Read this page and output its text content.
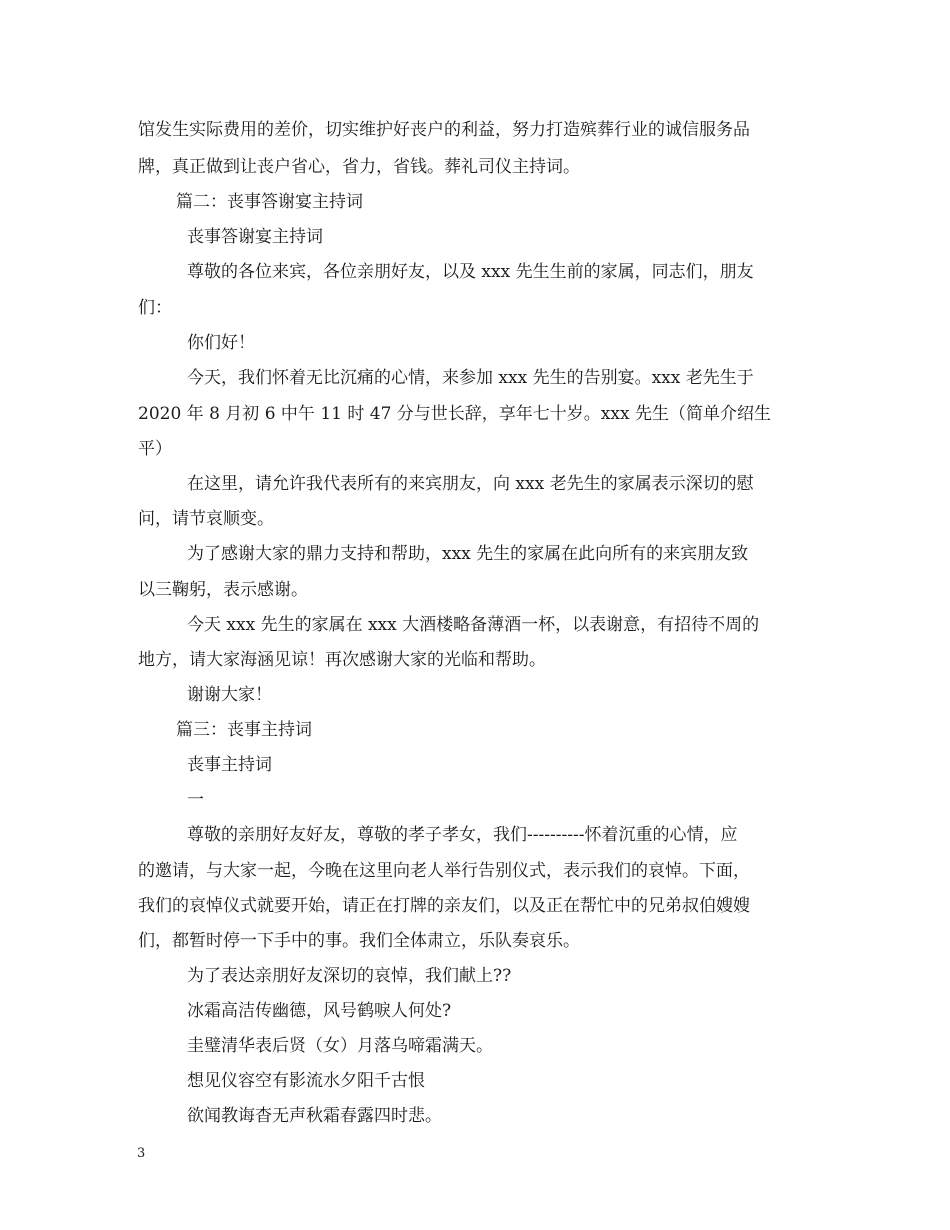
馆发生实际费用的差价，切实维护好丧户的利益，努力打造殡葬行业的诚信服务品
牌，真正做到让丧户省心，省力，省钱。葬礼司仪主持词。
篇二：丧事答谢宴主持词
丧事答谢宴主持词
尊敬的各位来宾，各位亲朋好友，以及 xxx 先生生前的家属，同志们，朋友
们：
你们好！
今天，我们怀着无比沉痛的心情，来参加 xxx 先生的告别宴。xxx 老先生于
2020 年 8 月初 6 中午 11 时 47 分与世长辞，享年七十岁。xxx 先生（简单介绍生
平）
在这里，请允许我代表所有的来宾朋友，向 xxx 老先生的家属表示深切的慰
问，请节哀顺变。
为了感谢大家的鼎力支持和帮助，xxx 先生的家属在此向所有的来宾朋友致
以三鞠躬，表示感谢。
今天 xxx 先生的家属在 xxx 大酒楼略备薄酒一杯，以表谢意，有招待不周的
地方，请大家海涵见谅！再次感谢大家的光临和帮助。
谢谢大家！
篇三：丧事主持词
丧事主持词
一
尊敬的亲朋好友好友，尊敬的孝子孝女，我们----------怀着沉重的心情，应
的邀请，与大家一起，今晚在这里向老人举行告别仪式，表示我们的哀悼。下面，
我们的哀悼仪式就要开始，请正在打牌的亲友们，以及正在帮忙中的兄弟叔伯嫂嫂
们，都暂时停一下手中的事。我们全体肃立，乐队奏哀乐。
为了表达亲朋好友深切的哀悼，我们献上??
冰霜高洁传幽德，风号鹤唳人何处?
圭璧清华表后贤（女）月落乌啼霜满天。
想见仪容空有影流水夕阳千古恨
欲闻教诲杳无声秋霜春露四时悲。
3
